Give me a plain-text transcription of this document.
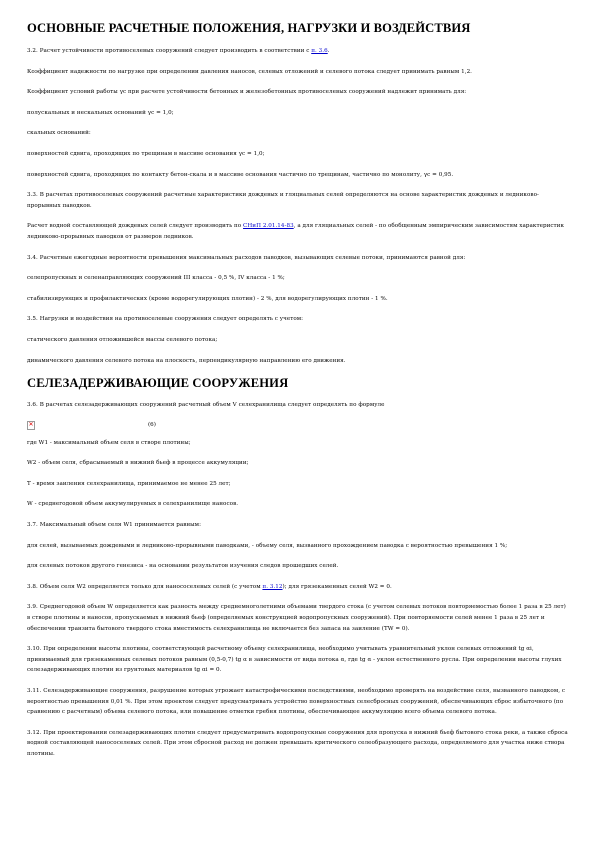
ОСНОВНЫЕ РАСЧЕТНЫЕ ПОЛОЖЕНИЯ, НАГРУЗКИ И ВОЗДЕЙСТВИЯ

3.2. Расчет устойчивости противоселевых сооружений следует производить в соответствии с п. 3.6.

Коэффициент надежности по нагрузке при определении давления наносов, селевых отложений и селевого потока следует принимать равным 1,2.

Коэффициент условий работы γc при расчете устойчивости бетонных и железобетонных противоселевых сооружений надлежит принимать для:

полускальных и нескальных оснований γc = 1,0;

скальных оснований:

поверхностей сдвига, проходящих по трещинам в массиве основания γc = 1,0;

поверхностей сдвига, проходящих по контакту бетон-скала и в массиве основания частично по трещинам, частично по монолиту, γc = 0,95.

3.3. В расчетах противоселевых сооружений расчетные характеристики дождевых и гляциальных селей определяются на основе характеристик дождевых и ледниково-прорывных паводков.

Расчет водной составляющей дождевых селей следует производить по СНиП 2.01.14-83, а для гляциальных селей - по обобщенным эмпирическим зависимостям характеристик ледниково-прорывных паводков от размеров ледников.

3.4. Расчетные ежегодные вероятности превышения максимальных расходов паводков, вызывающих селевые потоки, принимаются равной для:

селепропускных и селенаправляющих сооружений III класса - 0,5 %, IV класса - 1 %;

стабилизирующих и профилактических (кроме водорегулирующих плотин) - 2 %, для водорегулирующих плотин - 1 %.

3.5. Нагрузки и воздействия на противоселевые сооружения следует определять с учетом:

статического давления отложившейся массы селевого потока;

динамического давления селевого потока на плоскость, перпендикулярную направлению его движения.

СЕЛЕЗАДЕРЖИВАЮЩИЕ СООРУЖЕНИЯ

3.6. В расчетах селезадерживающих сооружений расчетный объем V селехранилища следует определять по формуле

✕	(6)

где W1 - максимальный объем селя в створе плотины;

W2 - объем селя, сбрасываемый в нижний бьеф в процессе аккумуляции;

T - время заиления селехранилища, принимаемое не менее 25 лет;

W - среднегодовой объем аккумулируемых в селехранилище наносов.

3.7. Максимальный объем селя W1 принимается равным:

для селей, вызываемых дождевыми и ледниково-прорывными паводками, - объему селя, вызванного прохождением паводка с вероятностью превышения 1 %;

для селевых потоков другого генезиса - на основании результатов изучения следов прошедших селей.

3.8. Объем селя W2 определяется только для нанососелевых селей (с учетом п. 3.12); для грязекаменных селей W2 = 0.

3.9. Среднегодовой объем W определяется как разность между среднемноголетними объемами твердого стока (с учетом селевых потоков повторяемостью более 1 раза в 25 лет) в створе плотины и наносов, пропускаемых в нижний бьеф (определяемых конструкцией водопропускных сооружений). При повторяемости селей менее 1 раза в 25 лет и обеспечении транзита бытового твердого стока вместимость селехранилища не включается без запаса на заиление (TW = 0).

3.10. При определении высоты плотины, соответствующей расчетному объему селехранилища, необходимо учитывать уравнительный уклон селевых отложений tg αi, принимаемый для грязекаменных селевых потоков равным (0,5-0,7) tg α в зависимости от вида потока α, где tg α - уклон естественного русла. При определении высоты глухих селезадерживающих плотин из грунтовых материалов tg αi = 0.

3.11. Селезадерживающие сооружения, разрушение которых угрожает катастрофическими последствиями, необходимо проверять на воздействие селя, вызванного паводком, с вероятностью превышения 0,01 %. При этом проектом следует предусматривать устройство поверхностных селесбросных сооружений, обеспечивающих сброс избыточного (по сравнению с расчетным) объема селевого потока, или повышение отметки гребня плотины, обеспечивающее аккумуляцию всего объема селевого потока.

3.12. При проектировании селезадерживающих плотин следует предусматривать водопропускные сооружения для пропуска в нижний бьеф бытового стока реки, а также сброса водной составляющей нанососелевых селей. При этом сбросной расход не должен превышать критического селеобразующего расхода, определяемого для участка ниже створа плотины.
